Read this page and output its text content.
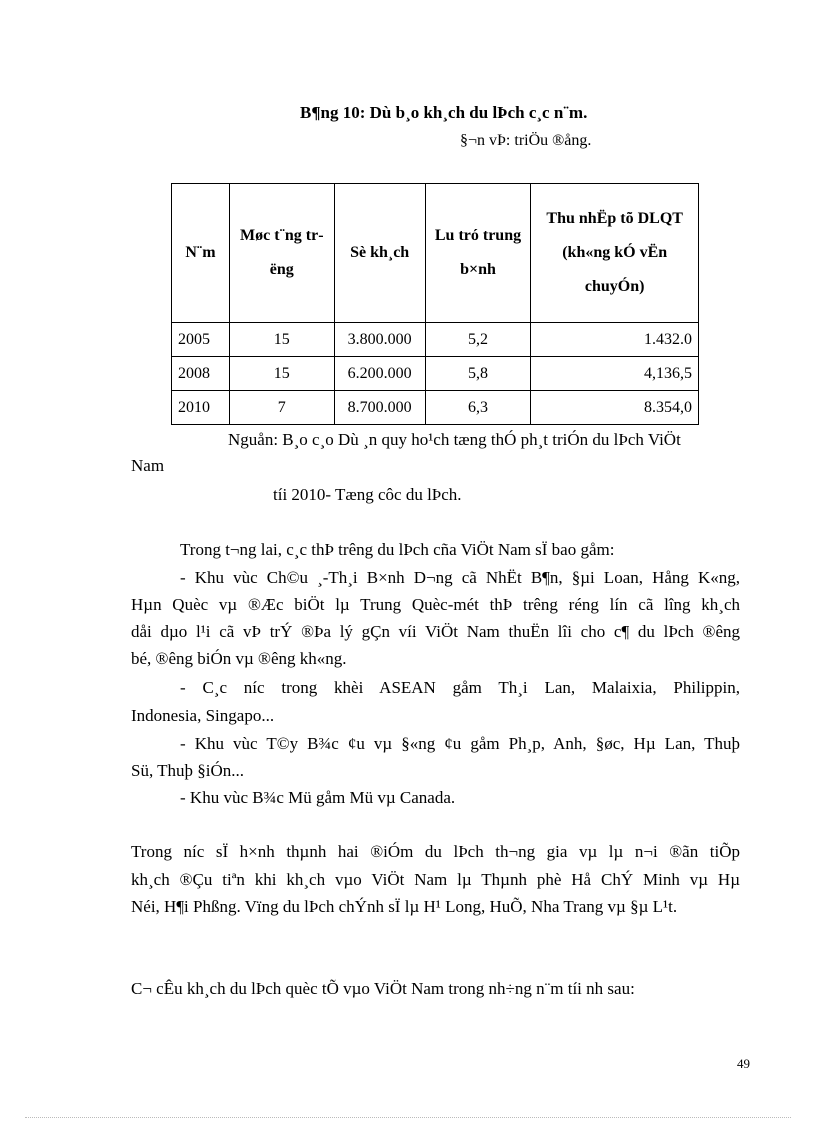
B¶ng 10: Dù b¸o kh¸ch du lÞch c¸c n¨m.
§¬n vÞ: triÖu ®ång.
N¨m	Møc t¨ng trëng	Sè kh¸ch	Lu tró trung b×nh	Thu nhËp tõ DLQT (kh«ng kÓ vËn chuyÓn)
2005	15	3.800.000	5,2	1.432.0
2008	15	6.200.000	5,8	4,136,5
2010	7	8.700.000	6,3	8.354,0
Nguån: B¸o c¸o Dù ¸n quy ho¹ch tæng thÓ ph¸t triÓn du lÞch ViÖt
Nam
tíi 2010- Tæng côc du lÞch.
Trong t¬ng lai, c¸c thÞ trêng du lÞch cña ViÖt Nam sÏ bao gåm:
- Khu vùc Ch©u ¸-Th¸i B×nh D¬ng cã NhËt B¶n, §µi Loan, Hång K«ng,
Hµn Quèc vµ ®Æc biÖt lµ Trung Quèc-mét thÞ trêng réng lín cã lîng kh¸ch
dåi dµo l¹i cã vÞ trÝ ®Þa lý gÇn víi ViÖt Nam thuËn lîi cho c¶ du lÞch ®êng
bé, ®êng biÓn vµ ®êng kh«ng.
- C¸c níc trong khèi ASEAN gåm Th¸i Lan, Malaixia, Philippin,
Indonesia, Singapo...
- Khu vùc T©y B¾c ¢u vµ §«ng ¢u gåm Ph¸p, Anh, §øc, Hµ Lan, Thuþ
Sü, Thuþ §iÓn...
- Khu vùc B¾c Mü gåm Mü vµ Canada.
Trong níc sÏ h×nh thµnh hai ®iÓm du lÞch th¬ng gia vµ lµ n¬i ®ãn tiÕp
kh¸ch ®Çu tiªn khi kh¸ch vµo ViÖt Nam lµ Thµnh phè Hå ChÝ Minh vµ Hµ
Néi, H¶i Phßng. Vïng du lÞch chÝnh sÏ lµ H¹ Long, HuÕ, Nha Trang vµ §µ L¹t.
C¬ cÊu kh¸ch du lÞch quèc tÕ vµo ViÖt Nam trong nh÷ng n¨m tíi nh sau:
49
